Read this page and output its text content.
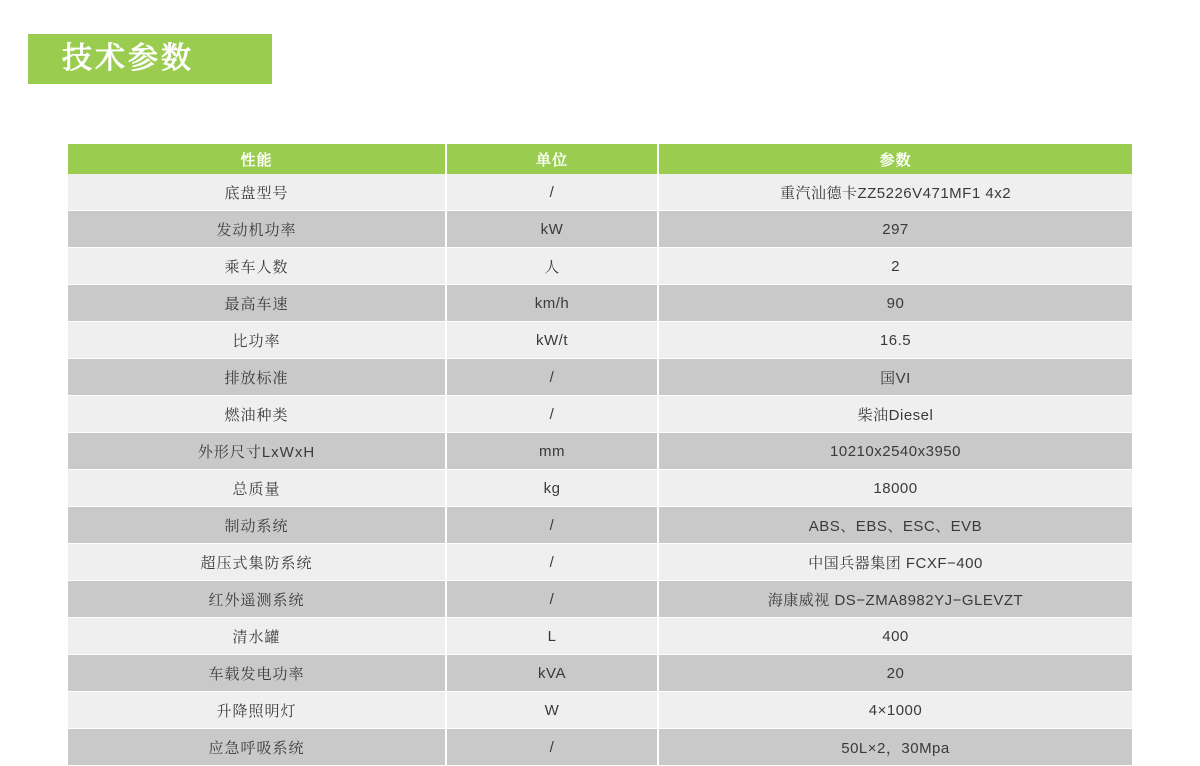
技术参数
性能	单位	参数
底盘型号	/	重汽汕德卡ZZ5226V471MF1 4x2
发动机功率	kW	297
乘车人数	人	2
最高车速	km/h	90
比功率	kW/t	16.5
排放标准	/	国VI
燃油种类	/	柴油Diesel
外形尺寸LxWxH	mm	10210x2540x3950
总质量	kg	18000
制动系统	/	ABS、EBS、ESC、EVB
超压式集防系统	/	中国兵器集团 FCXF−400
红外遥测系统	/	海康威视 DS−ZMA8982YJ−GLEVZT
清水罐	L	400
车载发电功率	kVA	20
升降照明灯	W	4×1000
应急呼吸系统	/	50L×2，30Mpa
